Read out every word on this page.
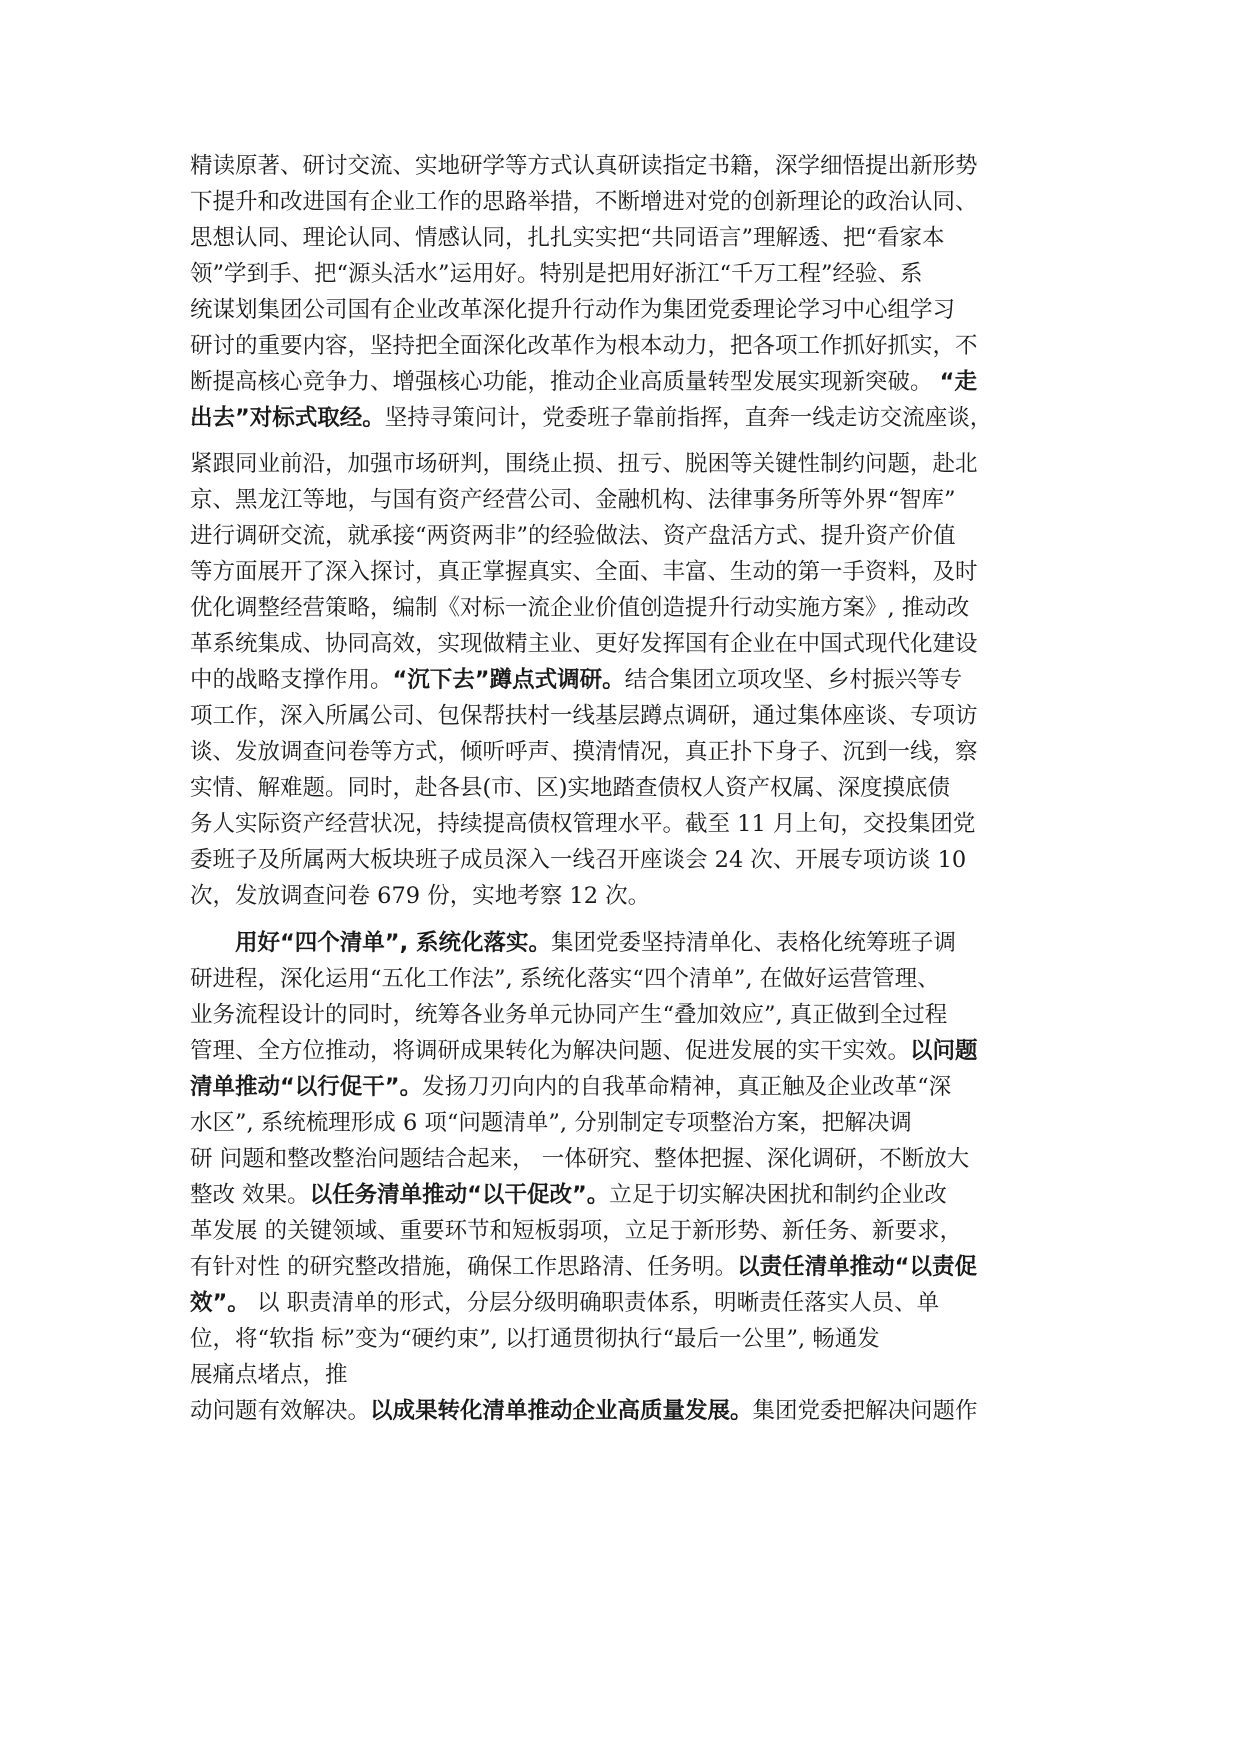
精读原著、研讨交流、实地研学等方式认真研读指定书籍，深学细悟提出新形势
下提升和改进国有企业工作的思路举措，不断增进对党的创新理论的政治认同、
思想认同、理论认同、情感认同，扎扎实实把“共同语言”理解透、把“看家本
领”学到手、把“源头活水”运用好。特别是把用好浙江“千万工程”经验、系
统谋划集团公司国有企业改革深化提升行动作为集团党委理论学习中心组学习
研讨的重要内容，坚持把全面深化改革作为根本动力，把各项工作抓好抓实，不
断提高核心竞争力、增强核心功能，推动企业高质量转型发展实现新突破。 “走
出去”对标式取经。坚持寻策问计，党委班子靠前指挥，直奔一线走访交流座谈，
紧跟同业前沿，加强市场研判，围绕止损、扭亏、脱困等关键性制约问题，赴北
京、黑龙江等地，与国有资产经营公司、金融机构、法律事务所等外界“智库”
进行调研交流，就承接“两资两非”的经验做法、资产盘活方式、提升资产价值
等方面展开了深入探讨，真正掌握真实、全面、丰富、生动的第一手资料，及时
优化调整经营策略，编制《对标一流企业价值创造提升行动实施方案》, 推动改
革系统集成、协同高效，实现做精主业、更好发挥国有企业在中国式现代化建设
中的战略支撑作用。“沉下去”蹲点式调研。结合集团立项攻坚、乡村振兴等专
项工作，深入所属公司、包保帮扶村一线基层蹲点调研，通过集体座谈、专项访
谈、发放调查问卷等方式，倾听呼声、摸清情况，真正扑下身子、沉到一线，察
实情、解难题。同时，赴各县(市、区)实地踏查债权人资产权属、深度摸底债
务人实际资产经营状况，持续提高债权管理水平。截至 11 月上旬，交投集团党
委班子及所属两大板块班子成员深入一线召开座谈会 24 次、开展专项访谈 10
次，发放调查问卷 679 份，实地考察 12 次。
　　用好“四个清单”, 系统化落实。集团党委坚持清单化、表格化统筹班子调
研进程，深化运用“五化工作法”, 系统化落实“四个清单”, 在做好运营管理、
业务流程设计的同时，统筹各业务单元协同产生“叠加效应”, 真正做到全过程
管理、全方位推动，将调研成果转化为解决问题、促进发展的实干实效。以问题
清单推动“以行促干”。发扬刀刃向内的自我革命精神，真正触及企业改革“深
水区”, 系统梳理形成 6 项“问题清单”, 分别制定专项整治方案，把解决调
研 问题和整改整治问题结合起来， 一体研究、整体把握、深化调研，不断放大
整改 效果。以任务清单推动“以干促改”。立足于切实解决困扰和制约企业改
革发展 的关键领域、重要环节和短板弱项，立足于新形势、新任务、新要求，
有针对性 的研究整改措施，确保工作思路清、任务明。以责任清单推动“以责促
效”。 以 职责清单的形式，分层分级明确职责体系，明晰责任落实人员、单
位，将“软指 标”变为“硬约束”, 以打通贯彻执行“最后一公里”, 畅通发
展痛点堵点，推
动问题有效解决。以成果转化清单推动企业高质量发展。集团党委把解决问题作
